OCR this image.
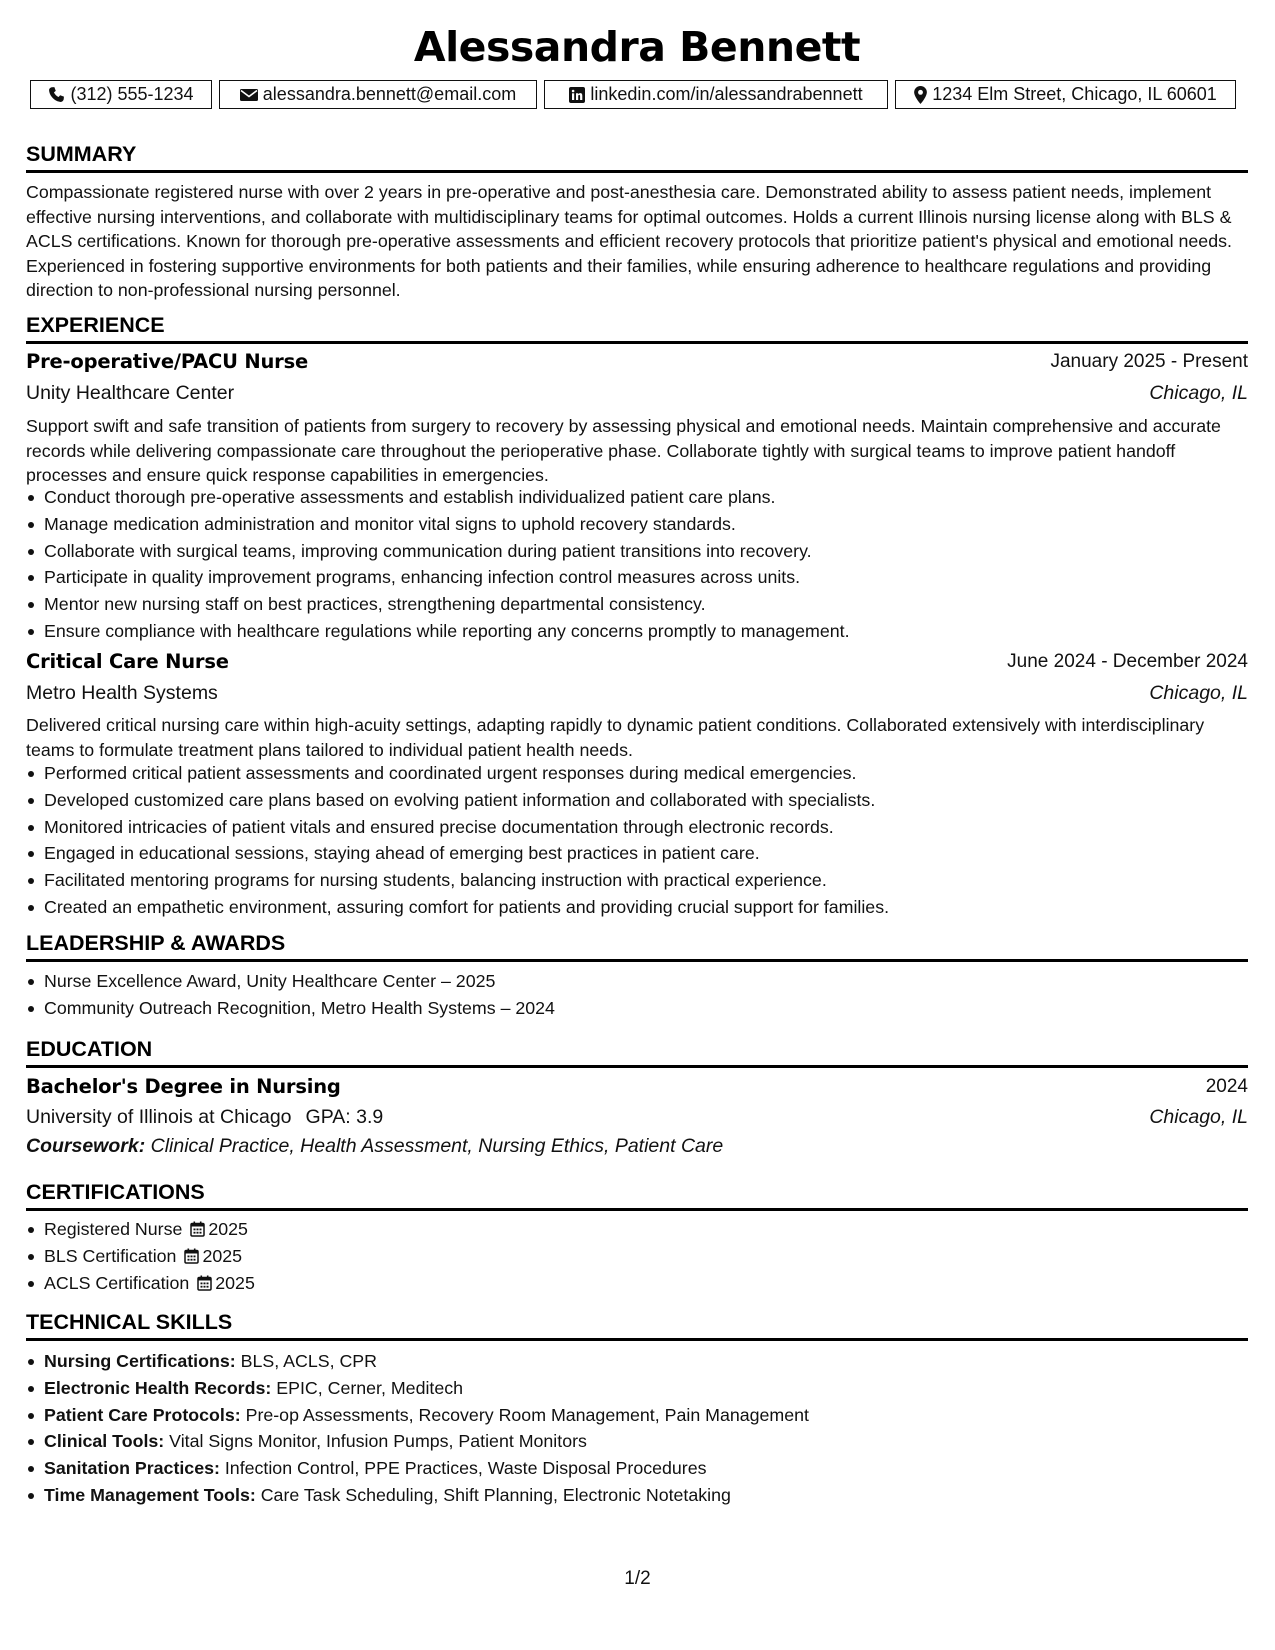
Alessandra Bennett
(312) 555-1234	alessandra.bennett@email.com	linkedin.com/in/alessandrabennett	1234 Elm Street, Chicago, IL 60601
SUMMARY
Compassionate registered nurse with over 2 years in pre-operative and post-anesthesia care. Demonstrated ability to assess patient needs, implement effective nursing interventions, and collaborate with multidisciplinary teams for optimal outcomes. Holds a current Illinois nursing license along with BLS & ACLS certifications. Known for thorough pre-operative assessments and efficient recovery protocols that prioritize patient's physical and emotional needs. Experienced in fostering supportive environments for both patients and their families, while ensuring adherence to healthcare regulations and providing direction to non-professional nursing personnel.
EXPERIENCE
Pre-operative/PACU Nurse	January 2025 - Present
Unity Healthcare Center	Chicago, IL
Support swift and safe transition of patients from surgery to recovery by assessing physical and emotional needs. Maintain comprehensive and accurate records while delivering compassionate care throughout the perioperative phase. Collaborate tightly with surgical teams to improve patient handoff processes and ensure quick response capabilities in emergencies.
Conduct thorough pre-operative assessments and establish individualized patient care plans.
Manage medication administration and monitor vital signs to uphold recovery standards.
Collaborate with surgical teams, improving communication during patient transitions into recovery.
Participate in quality improvement programs, enhancing infection control measures across units.
Mentor new nursing staff on best practices, strengthening departmental consistency.
Ensure compliance with healthcare regulations while reporting any concerns promptly to management.
Critical Care Nurse	June 2024 - December 2024
Metro Health Systems	Chicago, IL
Delivered critical nursing care within high-acuity settings, adapting rapidly to dynamic patient conditions. Collaborated extensively with interdisciplinary teams to formulate treatment plans tailored to individual patient health needs.
Performed critical patient assessments and coordinated urgent responses during medical emergencies.
Developed customized care plans based on evolving patient information and collaborated with specialists.
Monitored intricacies of patient vitals and ensured precise documentation through electronic records.
Engaged in educational sessions, staying ahead of emerging best practices in patient care.
Facilitated mentoring programs for nursing students, balancing instruction with practical experience.
Created an empathetic environment, assuring comfort for patients and providing crucial support for families.
LEADERSHIP & AWARDS
Nurse Excellence Award, Unity Healthcare Center – 2025
Community Outreach Recognition, Metro Health Systems – 2024
EDUCATION
Bachelor's Degree in Nursing	2024
University of Illinois at Chicago GPA: 3.9	Chicago, IL
Coursework: Clinical Practice, Health Assessment, Nursing Ethics, Patient Care
CERTIFICATIONS
Registered Nurse 2025
BLS Certification 2025
ACLS Certification 2025
TECHNICAL SKILLS
Nursing Certifications: BLS, ACLS, CPR
Electronic Health Records: EPIC, Cerner, Meditech
Patient Care Protocols: Pre-op Assessments, Recovery Room Management, Pain Management
Clinical Tools: Vital Signs Monitor, Infusion Pumps, Patient Monitors
Sanitation Practices: Infection Control, PPE Practices, Waste Disposal Procedures
Time Management Tools: Care Task Scheduling, Shift Planning, Electronic Notetaking
1/2
